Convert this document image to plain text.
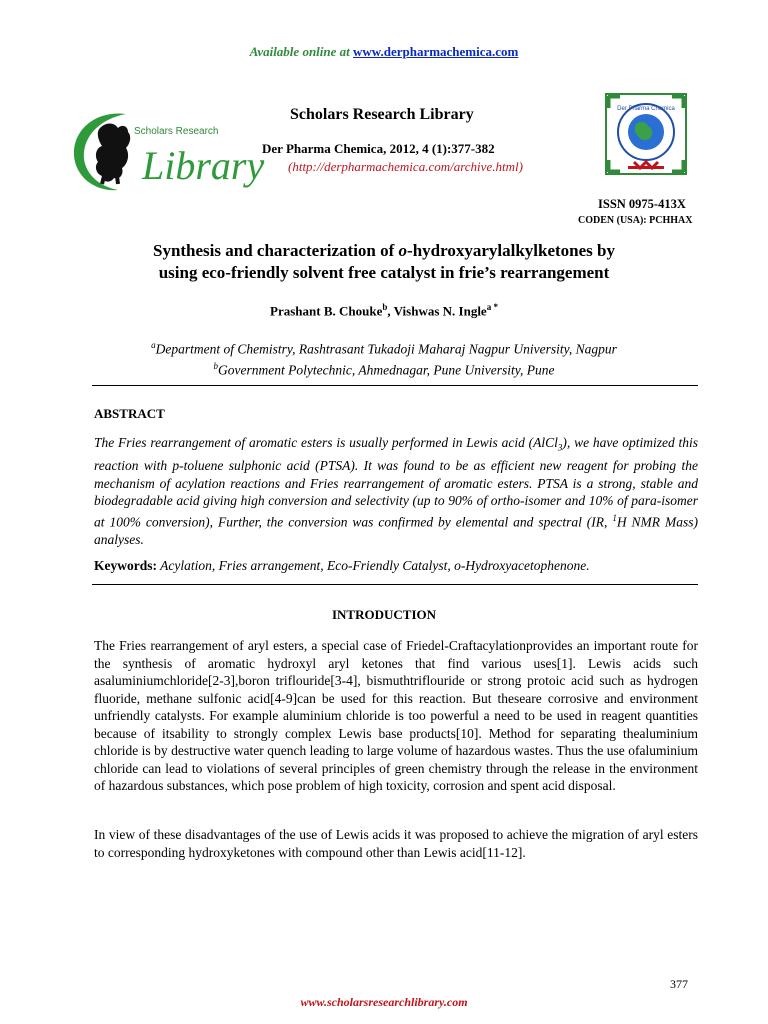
Available online at www.derpharmachemica.com
Scholars Research
Library
Scholars Research Library
Der Pharma Chemica, 2012, 4 (1):377-382
(http://derpharmachemica.com/archive.html)
Der Pharma Chemica
ISSN 0975-413X
CODEN (USA): PCHHAX
Synthesis and characterization of o-hydroxyarylalkylketones by
using eco-friendly solvent free catalyst in frie’s rearrangement
Prashant B. Chouke$^b$, Vishwas N. Ingle$^{a *}$
$^a$Department of Chemistry, Rashtrasant Tukadoji Maharaj Nagpur University, Nagpur
$^b$Government Polytechnic, Ahmednagar, Pune University, Pune
ABSTRACT
The Fries rearrangement of aromatic esters is usually performed in Lewis acid (AlCl$_3$), we have optimized this reaction with p-toluene sulphonic acid (PTSA). It was found to be as efficient new reagent for probing the mechanism of acylation reactions and Fries rearrangement of aromatic esters. PTSA is a strong, stable and biodegradable acid giving high conversion and selectivity (up to 90% of ortho-isomer and 10% of para-isomer at 100% conversion), Further, the conversion was confirmed by elemental and spectral (IR, $^1$H NMR Mass) analyses.
Keywords: Acylation, Fries arrangement, Eco-Friendly Catalyst, o-Hydroxyacetophenone.
INTRODUCTION
The Fries rearrangement of aryl esters, a special case of Friedel-Craftacylationprovides an important route for the synthesis of aromatic hydroxyl aryl ketones that find various uses[1]. Lewis acids such asaluminiumchloride[2-3],boron triflouride[3-4], bismuthtriflouride or strong protoic acid such as hydrogen fluoride, methane sulfonic acid[4-9]can be used for this reaction. But theseare corrosive and environment unfriendly catalysts. For example aluminium chloride is too powerful a need to be used in reagent quantities because of itsability to strongly complex Lewis base products[10]. Method for separating thealuminium chloride is by destructive water quench leading to large volume of hazardous wastes. Thus the use ofaluminium chloride can lead to violations of several principles of green chemistry through the release in the environment of hazardous substances, which pose problem of high toxicity, corrosion and spent acid disposal.
In view of these disadvantages of the use of Lewis acids it was proposed to achieve the migration of aryl esters to corresponding hydroxyketones with compound other than Lewis acid[11-12].
377
www.scholarsresearchlibrary.com
